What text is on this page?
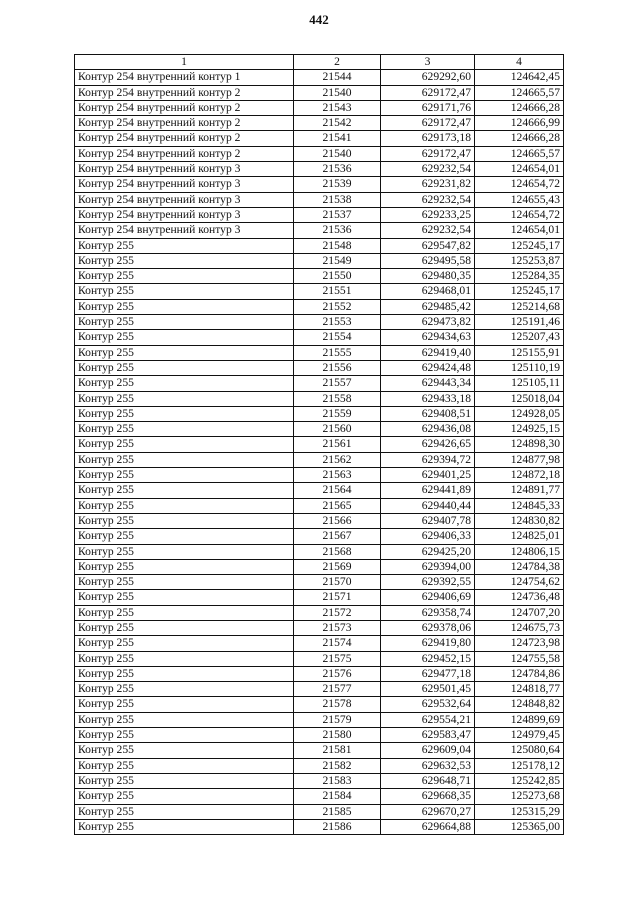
442
1	2	3	4
Контур 254 внутренний контур 1	21544	629292,60	124642,45
Контур 254 внутренний контур 2	21540	629172,47	124665,57
Контур 254 внутренний контур 2	21543	629171,76	124666,28
Контур 254 внутренний контур 2	21542	629172,47	124666,99
Контур 254 внутренний контур 2	21541	629173,18	124666,28
Контур 254 внутренний контур 2	21540	629172,47	124665,57
Контур 254 внутренний контур 3	21536	629232,54	124654,01
Контур 254 внутренний контур 3	21539	629231,82	124654,72
Контур 254 внутренний контур 3	21538	629232,54	124655,43
Контур 254 внутренний контур 3	21537	629233,25	124654,72
Контур 254 внутренний контур 3	21536	629232,54	124654,01
Контур 255	21548	629547,82	125245,17
Контур 255	21549	629495,58	125253,87
Контур 255	21550	629480,35	125284,35
Контур 255	21551	629468,01	125245,17
Контур 255	21552	629485,42	125214,68
Контур 255	21553	629473,82	125191,46
Контур 255	21554	629434,63	125207,43
Контур 255	21555	629419,40	125155,91
Контур 255	21556	629424,48	125110,19
Контур 255	21557	629443,34	125105,11
Контур 255	21558	629433,18	125018,04
Контур 255	21559	629408,51	124928,05
Контур 255	21560	629436,08	124925,15
Контур 255	21561	629426,65	124898,30
Контур 255	21562	629394,72	124877,98
Контур 255	21563	629401,25	124872,18
Контур 255	21564	629441,89	124891,77
Контур 255	21565	629440,44	124845,33
Контур 255	21566	629407,78	124830,82
Контур 255	21567	629406,33	124825,01
Контур 255	21568	629425,20	124806,15
Контур 255	21569	629394,00	124784,38
Контур 255	21570	629392,55	124754,62
Контур 255	21571	629406,69	124736,48
Контур 255	21572	629358,74	124707,20
Контур 255	21573	629378,06	124675,73
Контур 255	21574	629419,80	124723,98
Контур 255	21575	629452,15	124755,58
Контур 255	21576	629477,18	124784,86
Контур 255	21577	629501,45	124818,77
Контур 255	21578	629532,64	124848,82
Контур 255	21579	629554,21	124899,69
Контур 255	21580	629583,47	124979,45
Контур 255	21581	629609,04	125080,64
Контур 255	21582	629632,53	125178,12
Контур 255	21583	629648,71	125242,85
Контур 255	21584	629668,35	125273,68
Контур 255	21585	629670,27	125315,29
Контур 255	21586	629664,88	125365,00
